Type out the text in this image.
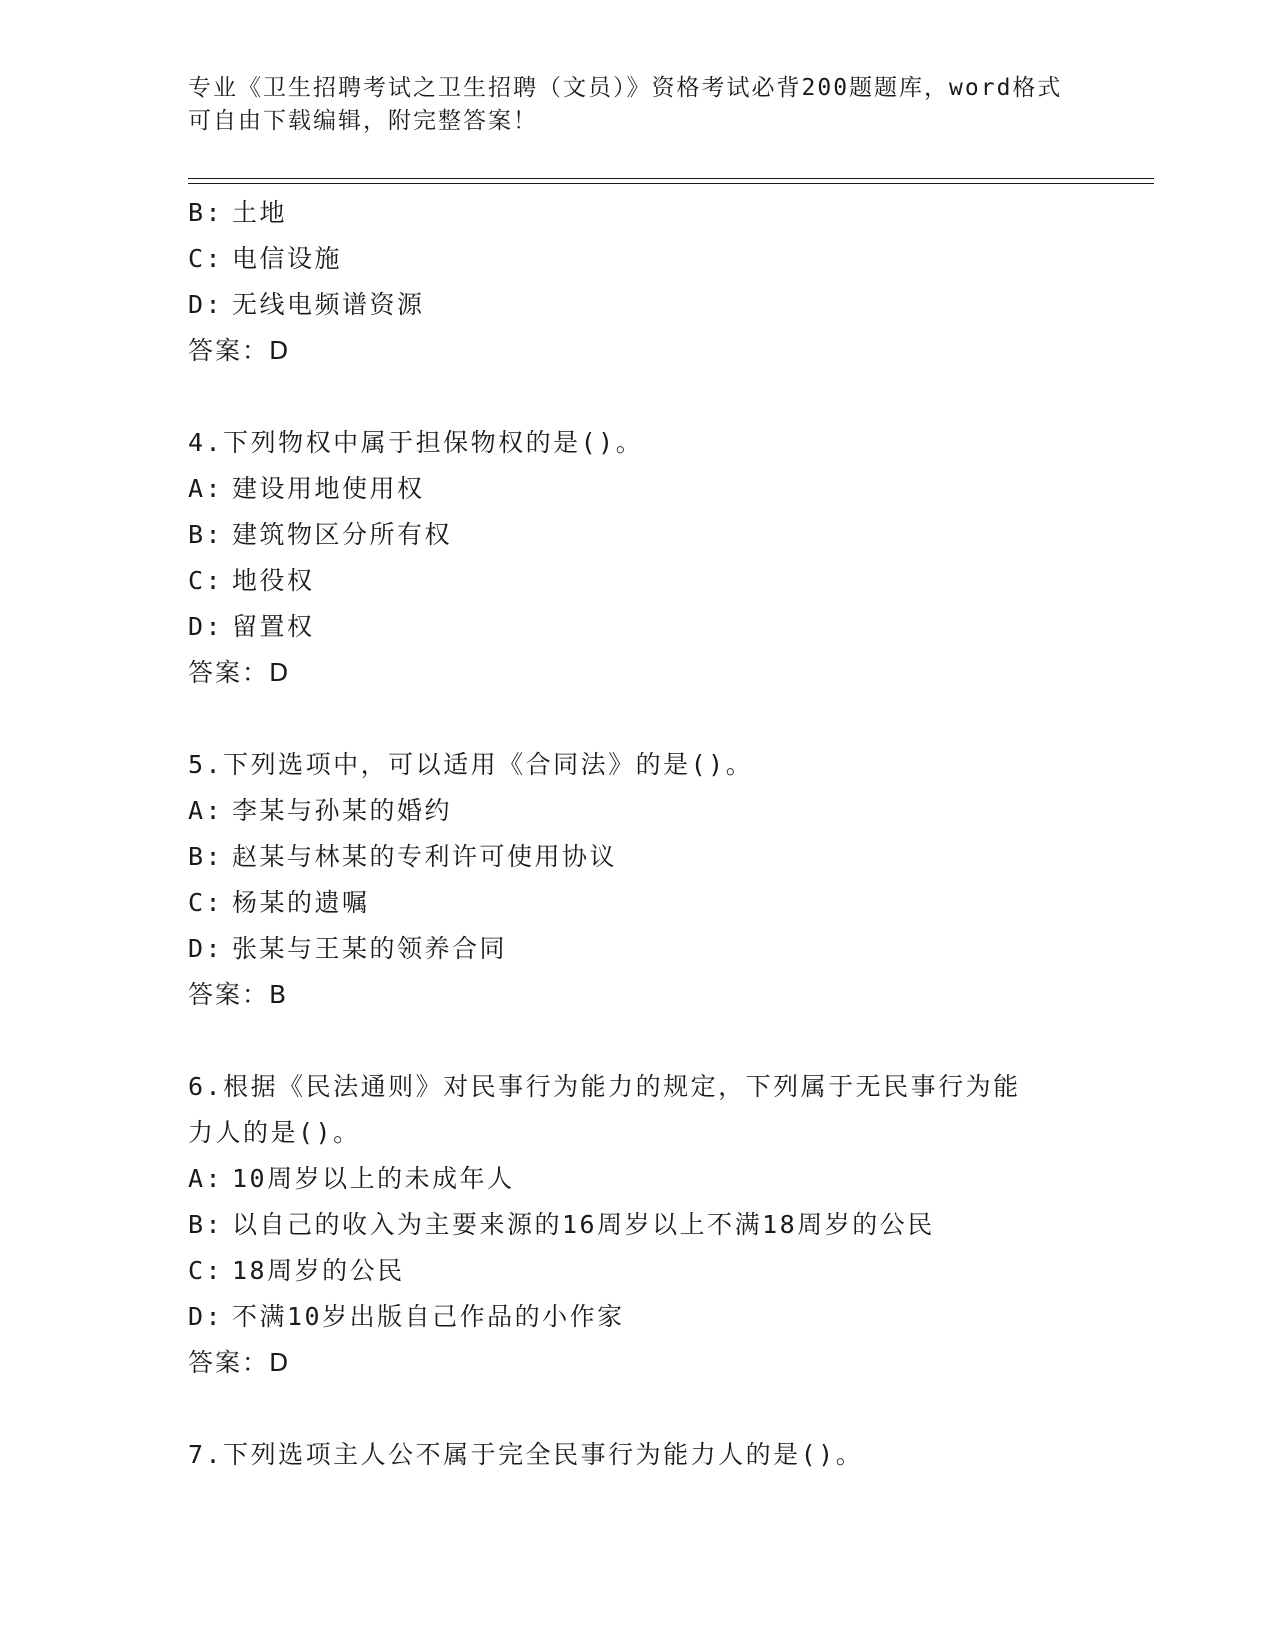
专业《卫生招聘考试之卫生招聘（文员）》资格考试必背200题题库，word格式
可自由下载编辑，附完整答案！
B: 土地
C: 电信设施
D: 无线电频谱资源
答案：D
4.下列物权中属于担保物权的是()。
A: 建设用地使用权
B: 建筑物区分所有权
C: 地役权
D: 留置权
答案：D
5.下列选项中，可以适用《合同法》的是()。
A: 李某与孙某的婚约
B: 赵某与林某的专利许可使用协议
C: 杨某的遗嘱
D: 张某与王某的领养合同
答案：B
6.根据《民法通则》对民事行为能力的规定，下列属于无民事行为能力人的是()。
A: 10周岁以上的未成年人
B: 以自己的收入为主要来源的16周岁以上不满18周岁的公民
C: 18周岁的公民
D: 不满10岁出版自己作品的小作家
答案：D
7.下列选项主人公不属于完全民事行为能力人的是()。
